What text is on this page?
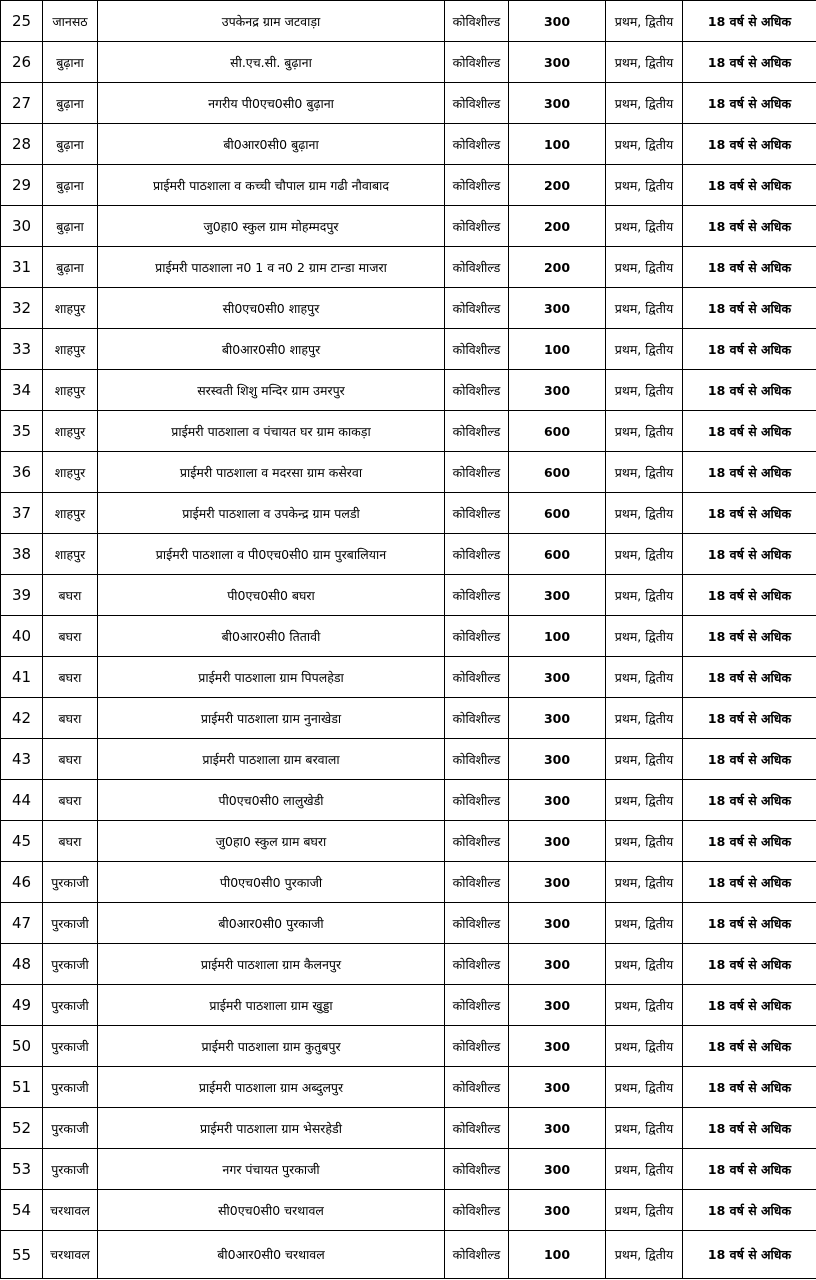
25	जानसठ	उपकेनद्र ग्राम जटवाड़ा	कोविशील्ड	300	प्रथम, द्वितीय	18 वर्ष से अधिक
26	बुढ़ाना	सी.एच.सी. बुढ़ाना	कोविशील्ड	300	प्रथम, द्वितीय	18 वर्ष से अधिक
27	बुढ़ाना	नगरीय पी0एच0सी0 बुढ़ाना	कोविशील्ड	300	प्रथम, द्वितीय	18 वर्ष से अधिक
28	बुढ़ाना	बी0आर0सी0 बुढ़ाना	कोविशील्ड	100	प्रथम, द्वितीय	18 वर्ष से अधिक
29	बुढ़ाना	प्राईमरी पाठशाला व कच्ची चौपाल ग्राम गढी नौवाबाद	कोविशील्ड	200	प्रथम, द्वितीय	18 वर्ष से अधिक
30	बुढ़ाना	जु0हा0 स्कुल ग्राम मोहम्मदपुर	कोविशील्ड	200	प्रथम, द्वितीय	18 वर्ष से अधिक
31	बुढ़ाना	प्राईमरी पाठशाला न0 1 व न0 2 ग्राम टान्डा माजरा	कोविशील्ड	200	प्रथम, द्वितीय	18 वर्ष से अधिक
32	शाहपुर	सी0एच0सी0 शाहपुर	कोविशील्ड	300	प्रथम, द्वितीय	18 वर्ष से अधिक
33	शाहपुर	बी0आर0सी0 शाहपुर	कोविशील्ड	100	प्रथम, द्वितीय	18 वर्ष से अधिक
34	शाहपुर	सरस्वती शिशु मन्दिर ग्राम उमरपुर	कोविशील्ड	300	प्रथम, द्वितीय	18 वर्ष से अधिक
35	शाहपुर	प्राईमरी पाठशाला व पंचायत घर ग्राम काकड़ा	कोविशील्ड	600	प्रथम, द्वितीय	18 वर्ष से अधिक
36	शाहपुर	प्राईमरी पाठशाला व मदरसा ग्राम कसेरवा	कोविशील्ड	600	प्रथम, द्वितीय	18 वर्ष से अधिक
37	शाहपुर	प्राईमरी पाठशाला व उपकेन्द्र ग्राम पलडी	कोविशील्ड	600	प्रथम, द्वितीय	18 वर्ष से अधिक
38	शाहपुर	प्राईमरी पाठशाला व पी0एच0सी0 ग्राम पुरबालियान	कोविशील्ड	600	प्रथम, द्वितीय	18 वर्ष से अधिक
39	बघरा	पी0एच0सी0 बघरा	कोविशील्ड	300	प्रथम, द्वितीय	18 वर्ष से अधिक
40	बघरा	बी0आर0सी0 तितावी	कोविशील्ड	100	प्रथम, द्वितीय	18 वर्ष से अधिक
41	बघरा	प्राईमरी पाठशाला ग्राम पिपलहेडा	कोविशील्ड	300	प्रथम, द्वितीय	18 वर्ष से अधिक
42	बघरा	प्राईमरी पाठशाला ग्राम नुनाखेडा	कोविशील्ड	300	प्रथम, द्वितीय	18 वर्ष से अधिक
43	बघरा	प्राईमरी पाठशाला ग्राम बरवाला	कोविशील्ड	300	प्रथम, द्वितीय	18 वर्ष से अधिक
44	बघरा	पी0एच0सी0 लालुखेडी	कोविशील्ड	300	प्रथम, द्वितीय	18 वर्ष से अधिक
45	बघरा	जु0हा0 स्कुल ग्राम बघरा	कोविशील्ड	300	प्रथम, द्वितीय	18 वर्ष से अधिक
46	पुरकाजी	पी0एच0सी0 पुरकाजी	कोविशील्ड	300	प्रथम, द्वितीय	18 वर्ष से अधिक
47	पुरकाजी	बी0आर0सी0 पुरकाजी	कोविशील्ड	300	प्रथम, द्वितीय	18 वर्ष से अधिक
48	पुरकाजी	प्राईमरी पाठशाला ग्राम कैलनपुर	कोविशील्ड	300	प्रथम, द्वितीय	18 वर्ष से अधिक
49	पुरकाजी	प्राईमरी पाठशाला ग्राम खुड्डा	कोविशील्ड	300	प्रथम, द्वितीय	18 वर्ष से अधिक
50	पुरकाजी	प्राईमरी पाठशाला ग्राम कुतुबपुर	कोविशील्ड	300	प्रथम, द्वितीय	18 वर्ष से अधिक
51	पुरकाजी	प्राईमरी पाठशाला ग्राम अब्दुलपुर	कोविशील्ड	300	प्रथम, द्वितीय	18 वर्ष से अधिक
52	पुरकाजी	प्राईमरी पाठशाला ग्राम भेसरहेडी	कोविशील्ड	300	प्रथम, द्वितीय	18 वर्ष से अधिक
53	पुरकाजी	नगर पंचायत पुरकाजी	कोविशील्ड	300	प्रथम, द्वितीय	18 वर्ष से अधिक
54	चरथावल	सी0एच0सी0 चरथावल	कोविशील्ड	300	प्रथम, द्वितीय	18 वर्ष से अधिक
55	चरथावल	बी0आर0सी0 चरथावल	कोविशील्ड	100	प्रथम, द्वितीय	18 वर्ष से अधिक
